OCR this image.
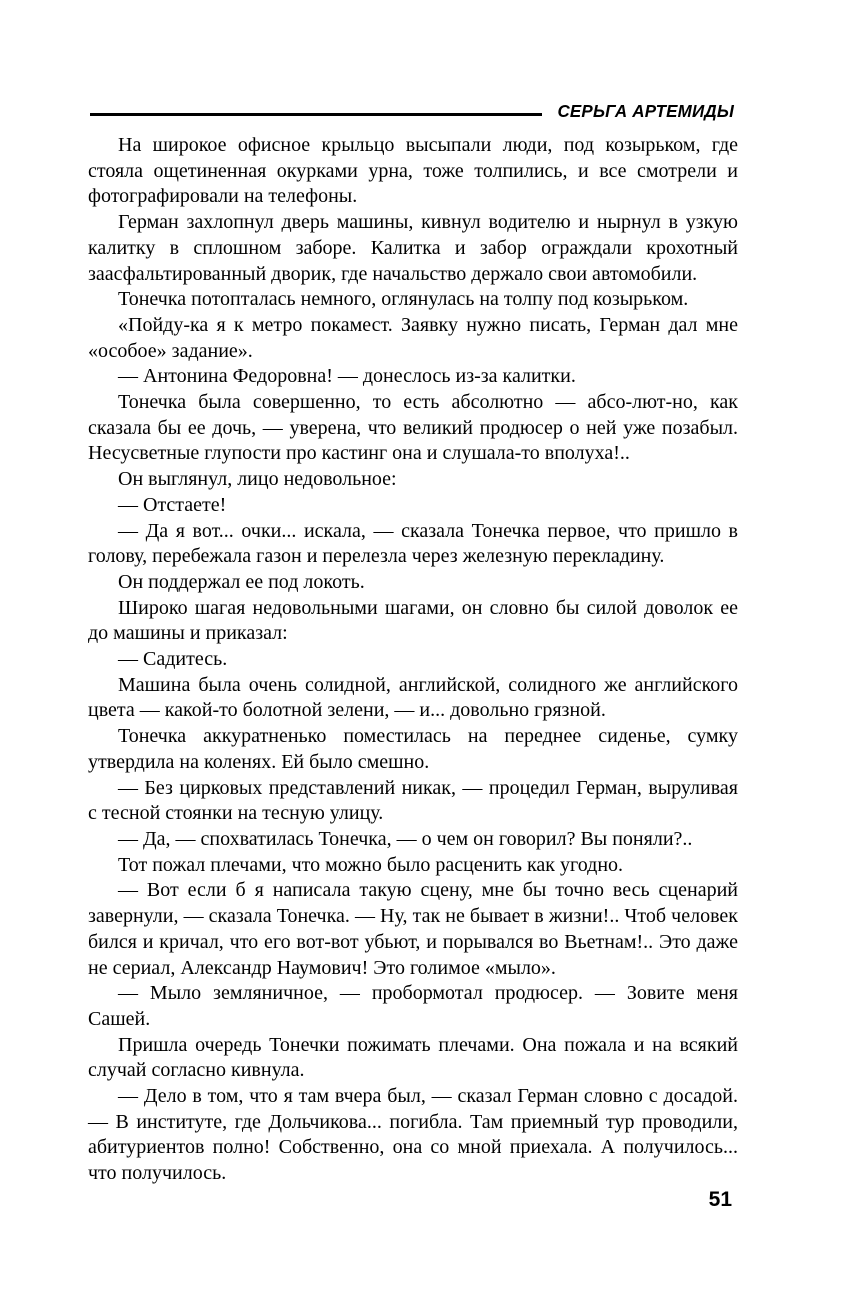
СЕРЬГА АРТЕМИДЫ

На широкое офисное крыльцо высыпали люди, под козырьком, где стояла ощетиненная окурками урна, тоже толпились, и все смотрели и фотографировали на телефоны.

Герман захлопнул дверь машины, кивнул водителю и нырнул в узкую калитку в сплошном заборе. Калитка и забор ограждали крохотный заасфальтированный дворик, где начальство держало свои автомобили.

Тонечка потопталась немного, оглянулась на толпу под козырьком.

«Пойду-ка я к метро покамест. Заявку нужно писать, Герман дал мне «особое» задание».

— Антонина Федоровна! — донеслось из-за калитки.

Тонечка была совершенно, то есть абсолютно — абсо-лют-но, как сказала бы ее дочь, — уверена, что великий продюсер о ней уже позабыл. Несусветные глупости про кастинг она и слушала-то вполуха!..

Он выглянул, лицо недовольное:

— Отстаете!

— Да я вот... очки... искала, — сказала Тонечка первое, что пришло в голову, перебежала газон и перелезла через железную перекладину.

Он поддержал ее под локоть.

Широко шагая недовольными шагами, он словно бы силой доволок ее до машины и приказал:

— Садитесь.

Машина была очень солидной, английской, солидного же английского цвета — какой-то болотной зелени, — и... довольно грязной.

Тонечка аккуратненько поместилась на переднее сиденье, сумку утвердила на коленях. Ей было смешно.

— Без цирковых представлений никак, — процедил Герман, выруливая с тесной стоянки на тесную улицу.

— Да, — спохватилась Тонечка, — о чем он говорил? Вы поняли?..

Тот пожал плечами, что можно было расценить как угодно.

— Вот если б я написала такую сцену, мне бы точно весь сценарий завернули, — сказала Тонечка. — Ну, так не бывает в жизни!.. Чтоб человек бился и кричал, что его вот-вот убьют, и порывался во Вьетнам!.. Это даже не сериал, Александр Наумович! Это голимое «мыло».

— Мыло земляничное, — пробормотал продюсер. — Зовите меня Сашей.

Пришла очередь Тонечки пожимать плечами. Она пожала и на всякий случай согласно кивнула.

— Дело в том, что я там вчера был, — сказал Герман словно с досадой. — В институте, где Дольчикова... погибла. Там приемный тур проводили, абитуриентов полно! Собственно, она со мной приехала. А получилось... что получилось.

51
